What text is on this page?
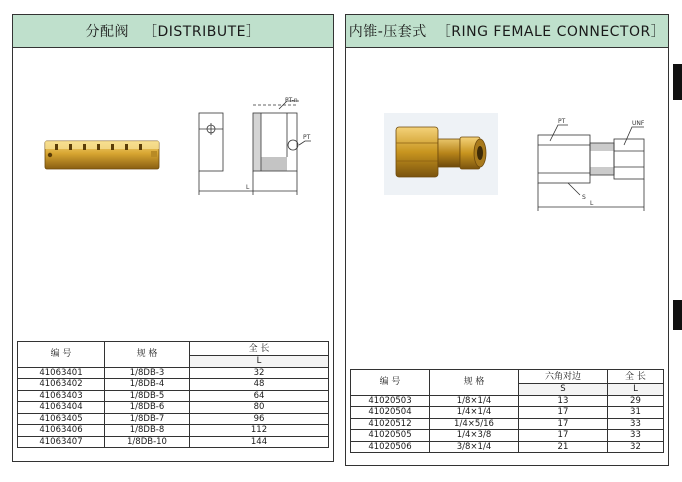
分配阀 ［DISTRIBUTE］
PT-n
PT
L
编 号	规 格	全 长
		L
41063401	1/8DB-3	32
41063402	1/8DB-4	48
41063403	1/8DB-5	64
41063404	1/8DB-6	80
41063405	1/8DB-7	96
41063406	1/8DB-8	112
41063407	1/8DB-10	144
内锥-压套式 ［RING FEMALE CONNECTOR］
PT	UNF
S
L
编 号	规 格	六角对边	全 长
		S	L
41020503	1/8×1/4	13	29
41020504	1/4×1/4	17	31
41020512	1/4×5/16	17	33
41020505	1/4×3/8	17	33
41020506	3/8×1/4	21	32
